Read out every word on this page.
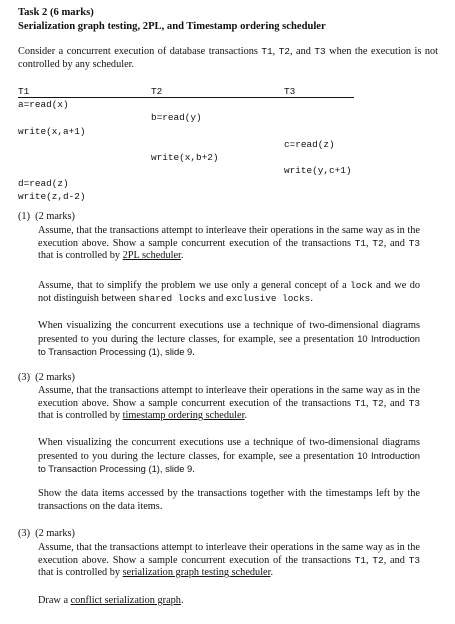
Task 2 (6 marks)
Serialization graph testing, 2PL, and Timestamp ordering scheduler
Consider a concurrent execution of database transactions T1, T2, and T3 when the execution is not controlled by any scheduler.
T1	T2	T3
a=read(x)
b=read(y)
write(x,a+1)
c=read(z)
write(x,b+2)
write(y,c+1)
d=read(z)
write(z,d-2)
(1) (2 marks)
Assume, that the transactions attempt to interleave their operations in the same way as in the execution above. Show a sample concurrent execution of the transactions T1, T2, and T3 that is controlled by 2PL scheduler.
Assume, that to simplify the problem we use only a general concept of a lock and we do not distinguish between shared locks and exclusive locks.
When visualizing the concurrent executions use a technique of two-dimensional diagrams presented to you during the lecture classes, for example, see a presentation 10 Introduction to Transaction Processing (1), slide 9.
(3) (2 marks)
Assume, that the transactions attempt to interleave their operations in the same way as in the execution above. Show a sample concurrent execution of the transactions T1, T2, and T3 that is controlled by timestamp ordering scheduler.
When visualizing the concurrent executions use a technique of two-dimensional diagrams presented to you during the lecture classes, for example, see a presentation 10 Introduction to Transaction Processing (1), slide 9.
Show the data items accessed by the transactions together with the timestamps left by the transactions on the data items.
(3) (2 marks)
Assume, that the transactions attempt to interleave their operations in the same way as in the execution above. Show a sample concurrent execution of the transactions T1, T2, and T3 that is controlled by serialization graph testing scheduler.
Draw a conflict serialization graph.
